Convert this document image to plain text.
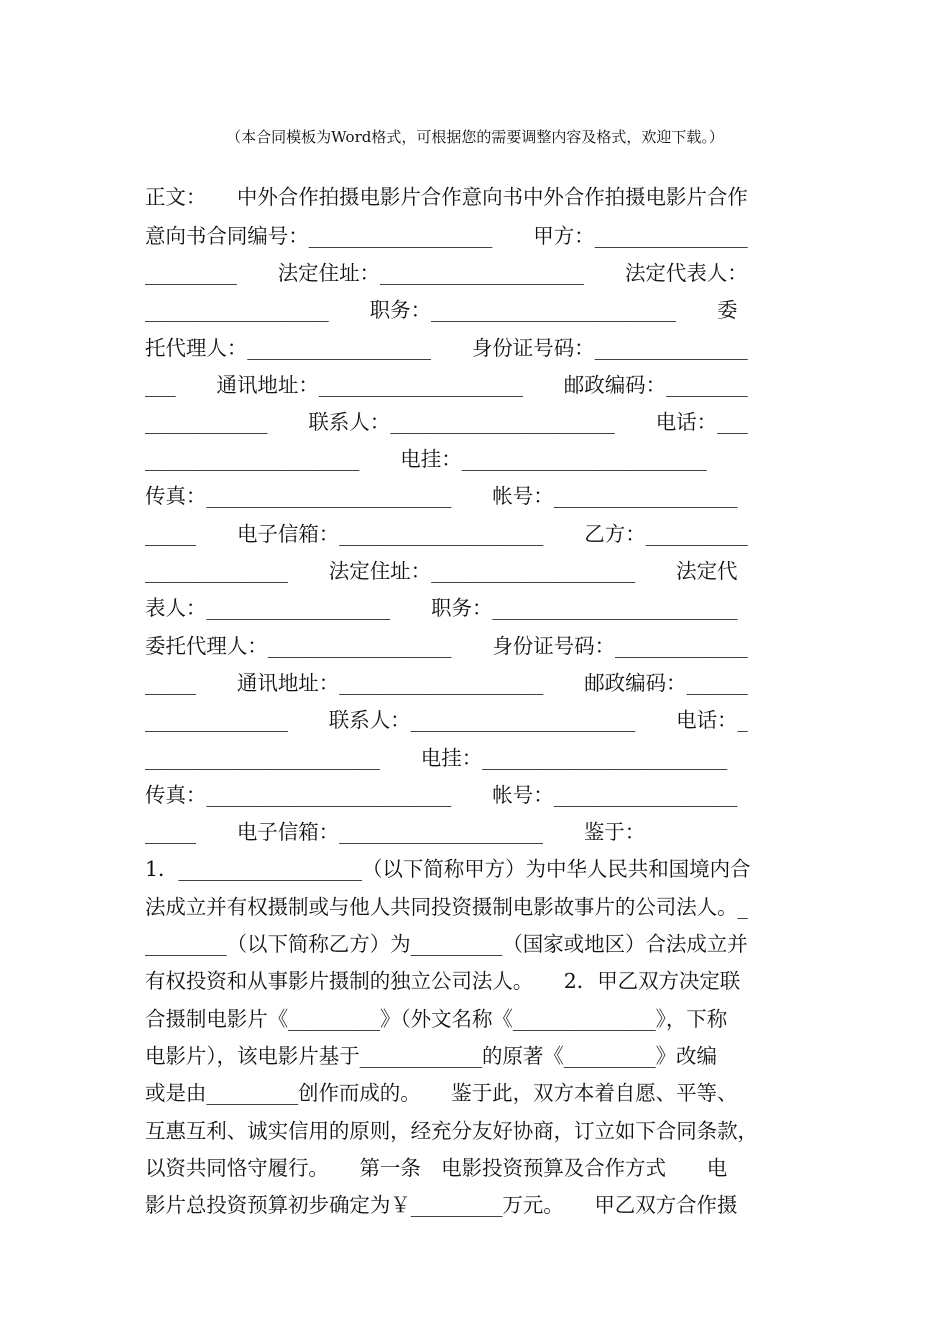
（本合同模板为Word格式，可根据您的需要调整内容及格式，欢迎下载。）
正文：　　中外合作拍摄电影片合作意向书中外合作拍摄电影片合作
意向书合同编号：__________________　　甲方：_______________
_________　　法定住址：____________________　　法定代表人：
__________________　　职务：________________________　　委
托代理人：__________________　　身份证号码：_______________
___　　通讯地址：____________________　　邮政编码：________
____________　　联系人：______________________　　电话：___
_____________________　　电挂：________________________
传真：________________________　　帐号：__________________
_____　　电子信箱：____________________　　乙方：__________
______________　　法定住址：____________________　　法定代
表人：__________________　　职务：________________________
委托代理人：__________________　　身份证号码：_____________
_____　　通讯地址：____________________　　邮政编码：______
______________　　联系人：______________________　　电话：_
_______________________　　电挂：________________________
传真：________________________　　帐号：__________________
_____　　电子信箱：____________________　　鉴于：
1．__________________（以下简称甲方）为中华人民共和国境内合
法成立并有权摄制或与他人共同投资摄制电影故事片的公司法人。_
________（以下简称乙方）为_________（国家或地区）合法成立并
有权投资和从事影片摄制的独立公司法人。　　2．甲乙双方决定联
合摄制电影片《_________》（外文名称《______________》，下称
电影片），该电影片基于____________的原著《_________》改编
或是由_________创作而成的。　　鉴于此，双方本着自愿、平等、
互惠互利、诚实信用的原则，经充分友好协商，订立如下合同条款，
以资共同恪守履行。　　第一条　电影投资预算及合作方式　　电
影片总投资预算初步确定为￥_________万元。　　甲乙双方合作摄
